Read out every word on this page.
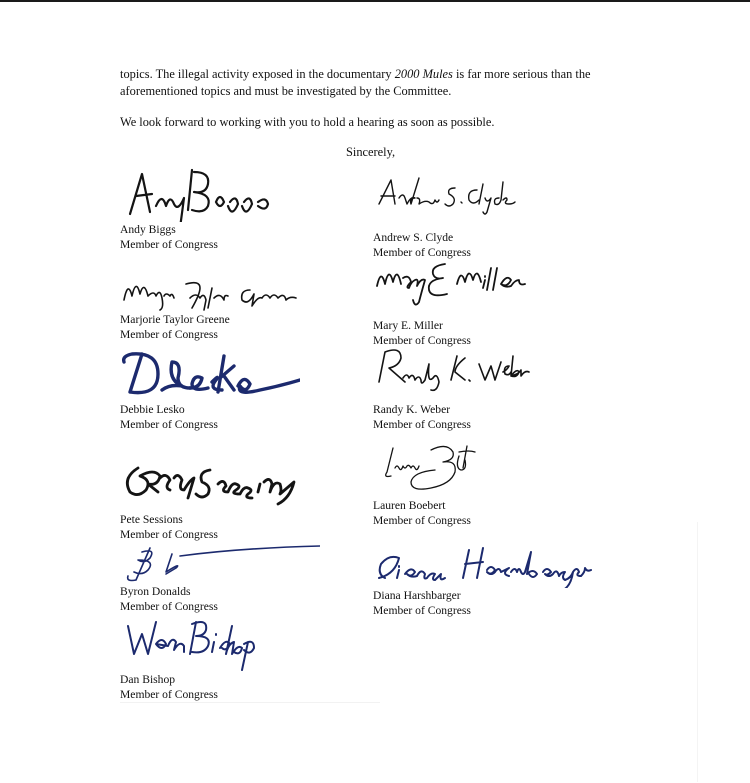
topics. The illegal activity exposed in the documentary 2000 Mules is far more serious than the aforementioned topics and must be investigated by the Committee.

We look forward to working with you to hold a hearing as soon as possible.

Sincerely,
Andy Biggs
Member of Congress
Marjorie Taylor Greene
Member of Congress
Debbie Lesko
Member of Congress
Pete Sessions
Member of Congress
Byron Donalds
Member of Congress
Dan Bishop
Member of Congress
Andrew S. Clyde
Member of Congress
Mary E. Miller
Member of Congress
Randy K. Weber
Member of Congress
Lauren Boebert
Member of Congress
Diana Harshbarger
Member of Congress
